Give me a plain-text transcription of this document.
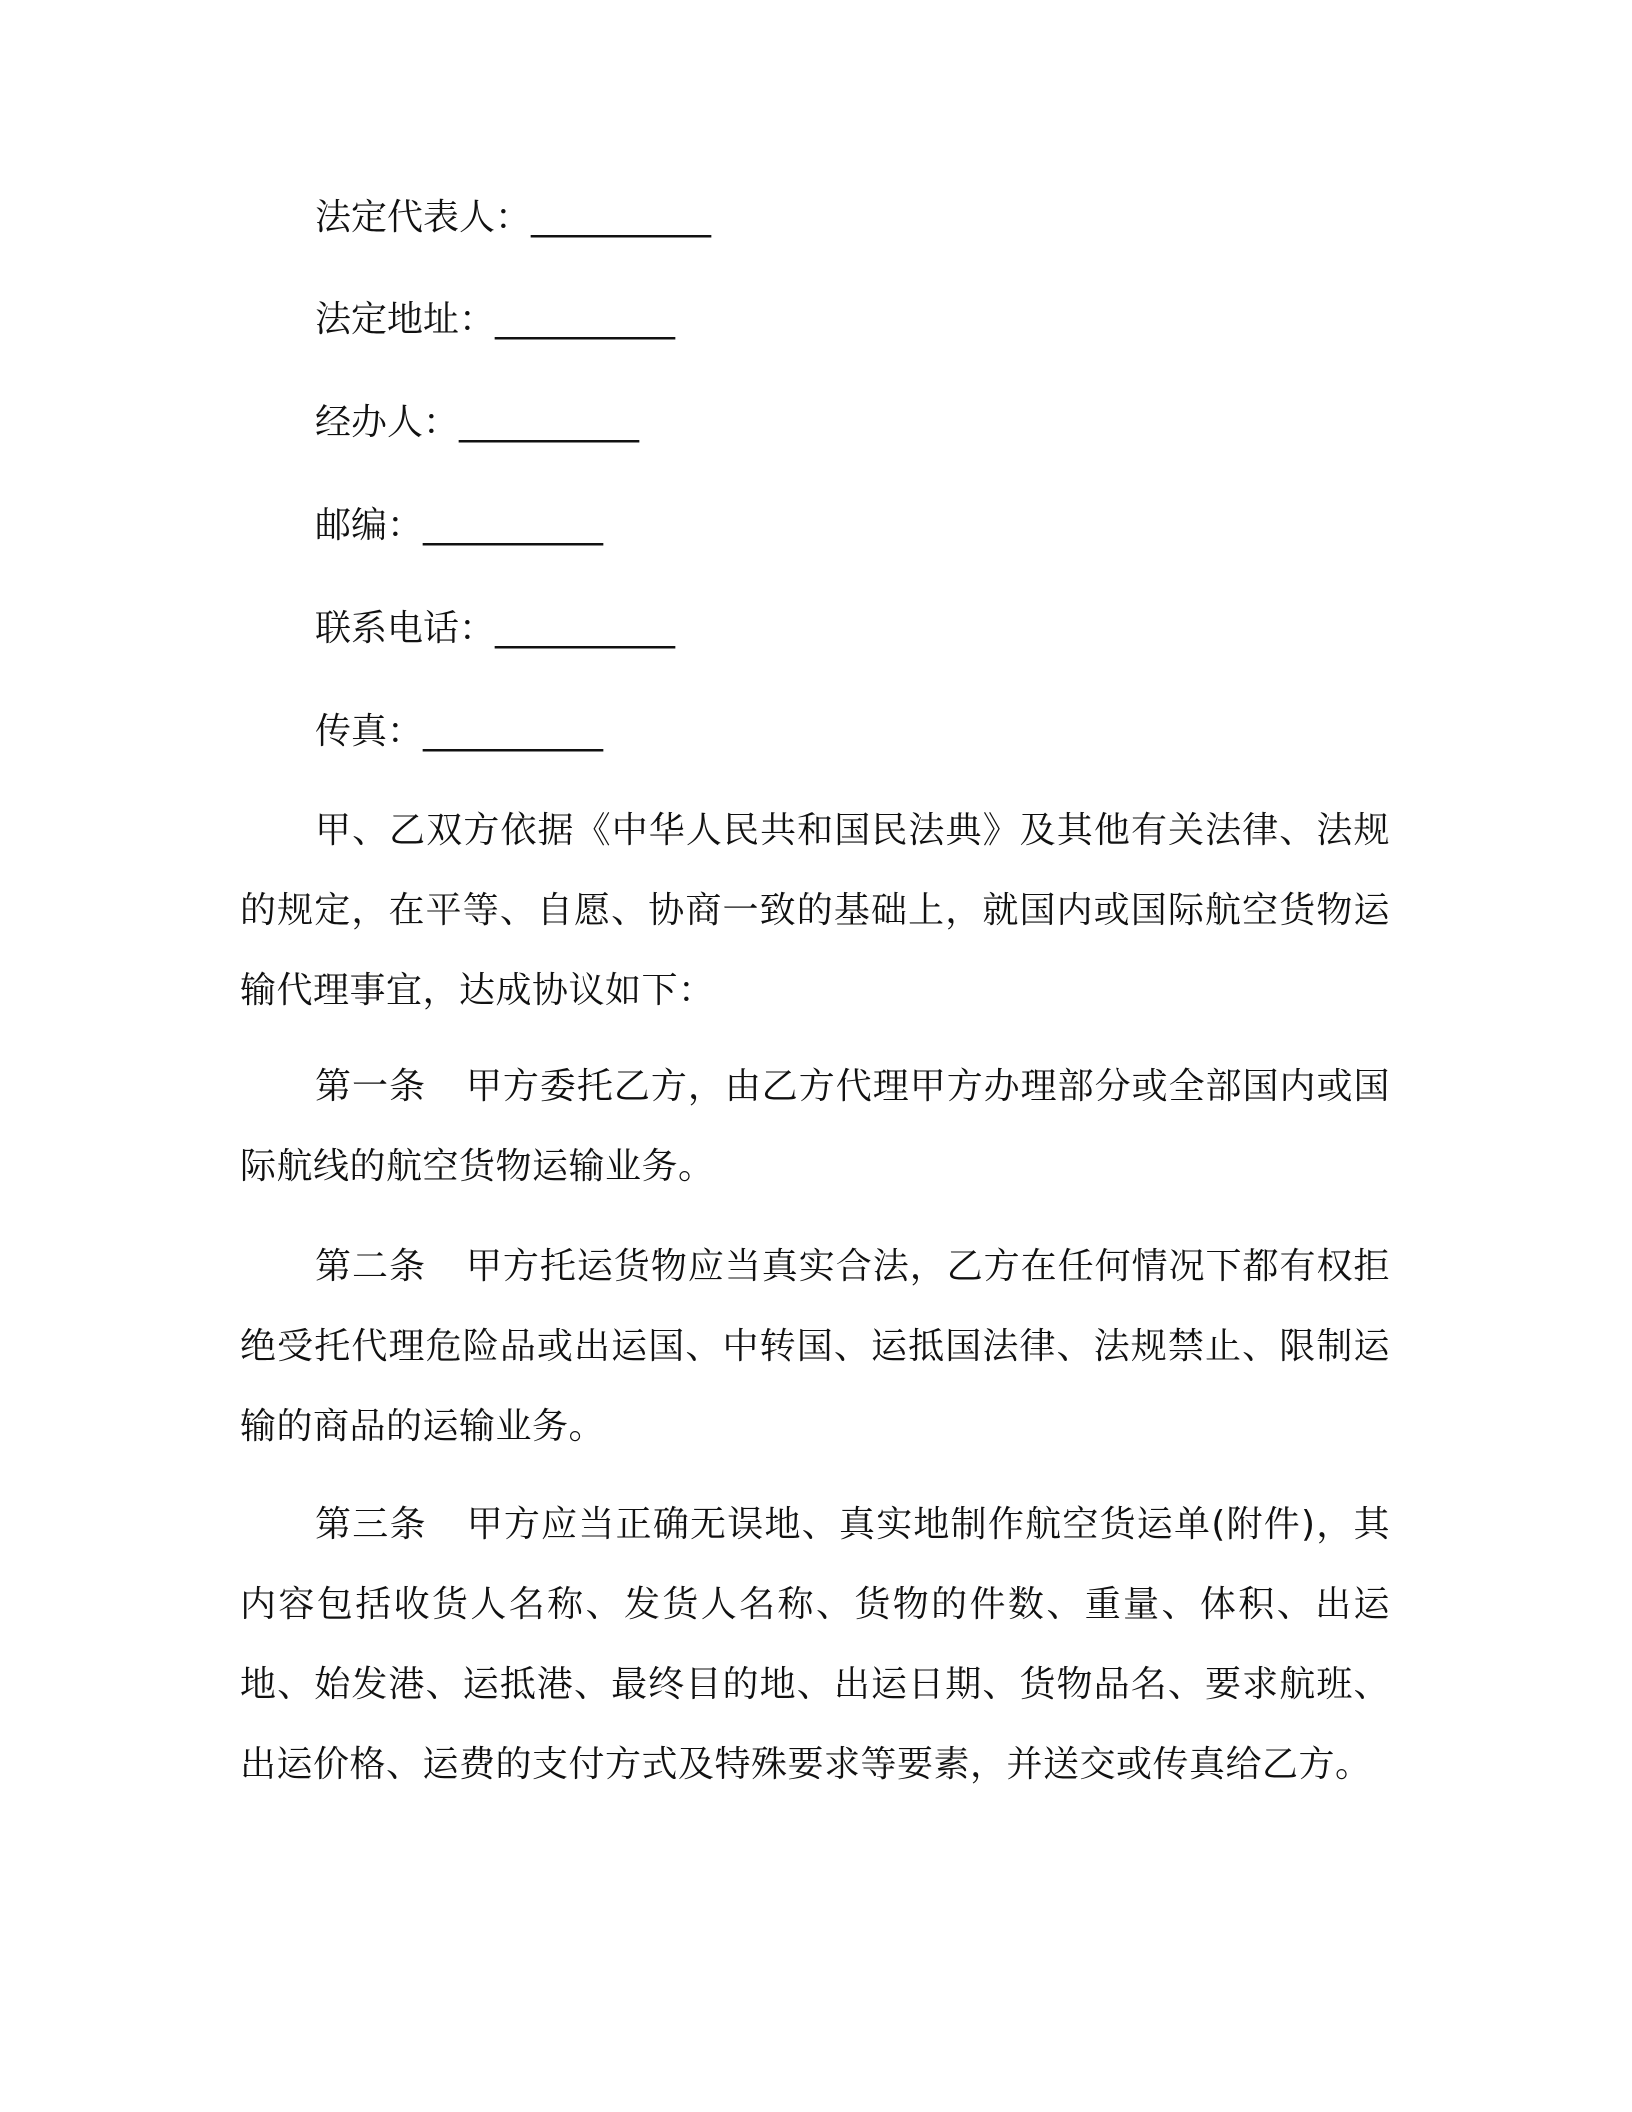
法定代表人：__________
法定地址：__________
经办人：__________
邮编：__________
联系电话：__________
传真：__________

甲、乙双方依据《中华人民共和国民法典》及其他有关法律、法规的规定，在平等、自愿、协商一致的基础上，就国内或国际航空货物运输代理事宜，达成协议如下：

第一条 甲方委托乙方，由乙方代理甲方办理部分或全部国内或国际航线的航空货物运输业务。

第二条 甲方托运货物应当真实合法，乙方在任何情况下都有权拒绝受托代理危险品或出运国、中转国、运抵国法律、法规禁止、限制运输的商品的运输业务。

第三条 甲方应当正确无误地、真实地制作航空货运单(附件)，其内容包括收货人名称、发货人名称、货物的件数、重量、体积、出运地、始发港、运抵港、最终目的地、出运日期、货物品名、要求航班、出运价格、运费的支付方式及特殊要求等要素，并送交或传真给乙方。
